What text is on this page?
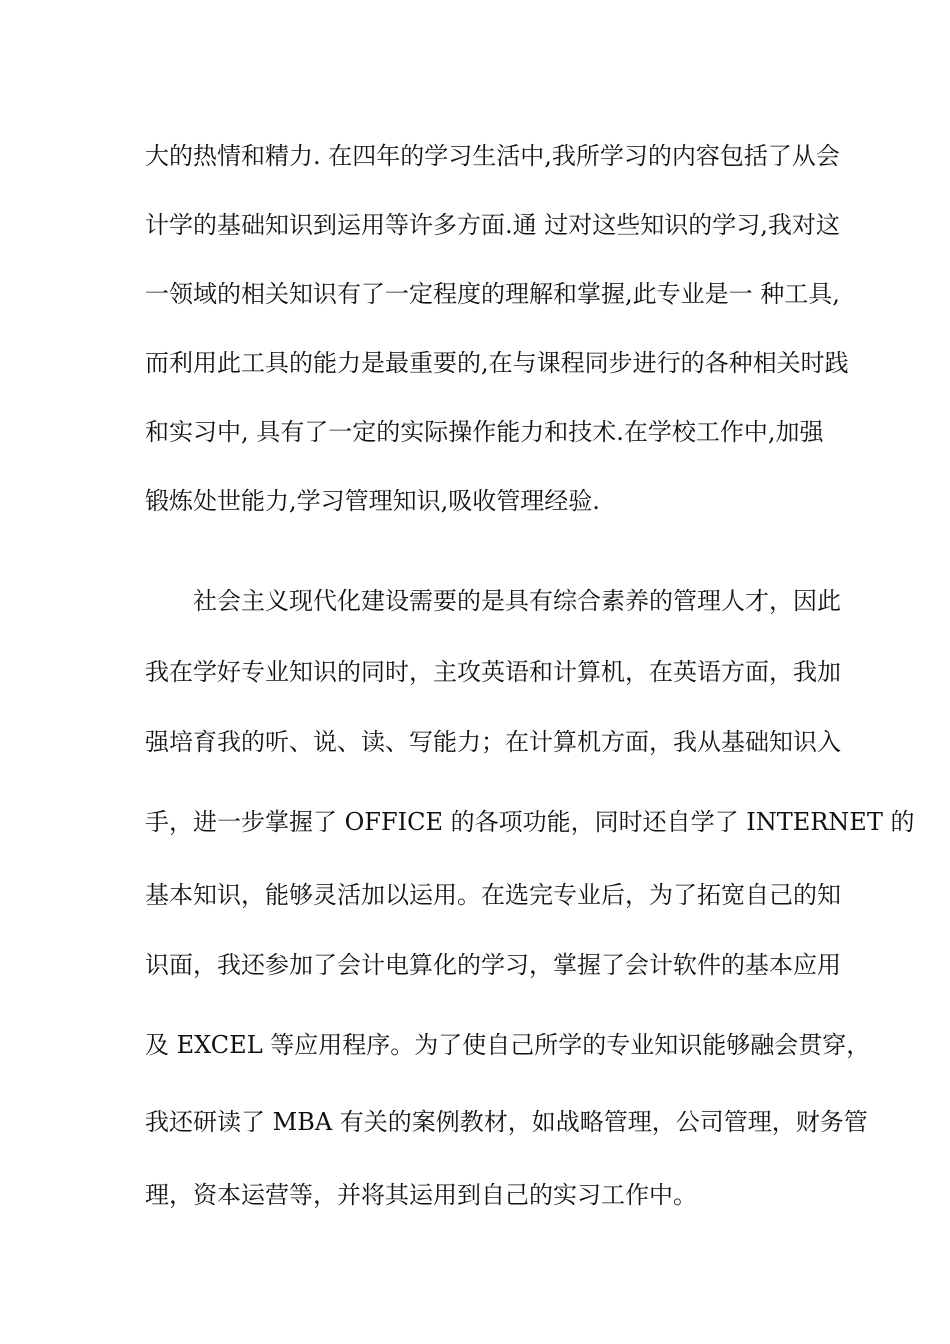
大的热情和精力. 在四年的学习生活中,我所学习的内容包括了从会
计学的基础知识到运用等许多方面.通 过对这些知识的学习,我对这
一领域的相关知识有了一定程度的理解和掌握,此专业是一 种工具,
而利用此工具的能力是最重要的,在与课程同步进行的各种相关时践
和实习中, 具有了一定的实际操作能力和技术.在学校工作中,加强
锻炼处世能力,学习管理知识,吸收管理经验.
社会主义现代化建设需要的是具有综合素养的管理人才，因此
我在学好专业知识的同时，主攻英语和计算机，在英语方面，我加
强培育我的听、说、读、写能力；在计算机方面，我从基础知识入
手，进一步掌握了 OFFICE 的各项功能，同时还自学了 INTERNET 的
基本知识，能够灵活加以运用。在选完专业后，为了拓宽自己的知
识面，我还参加了会计电算化的学习，掌握了会计软件的基本应用
及 EXCEL 等应用程序。为了使自己所学的专业知识能够融会贯穿，
我还研读了 MBA 有关的案例教材，如战略管理，公司管理，财务管
理，资本运营等，并将其运用到自己的实习工作中。
